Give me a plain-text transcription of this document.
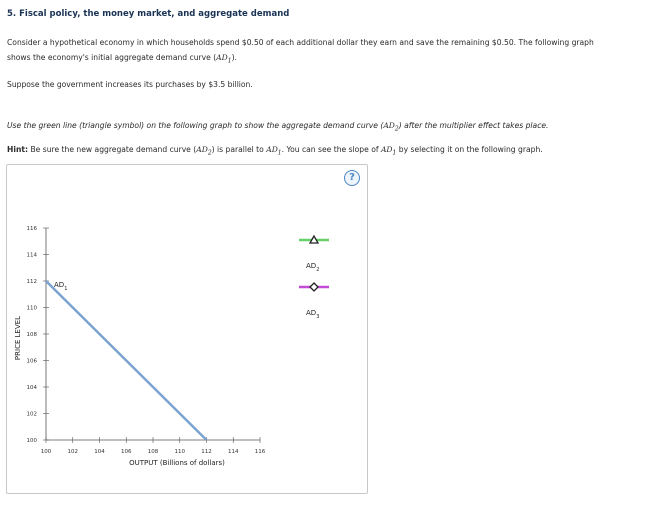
5. Fiscal policy, the money market, and aggregate demand
Consider a hypothetical economy in which households spend $0.50 of each additional dollar they earn and save the remaining $0.50. The following graph shows the economy's initial aggregate demand curve $(AD_1)$.
Suppose the government increases its purchases by $3.5 billion.
Use the green line (triangle symbol) on the following graph to show the aggregate demand curve $(AD_2)$ after the multiplier effect takes place.
Hint: Be sure the new aggregate demand curve $(AD_2)$ is parallel to $AD_1$. You can see the slope of $AD_1$ by selecting it on the following graph.
?
100	102	104	106	108	110	112	114	116
100
102
104
106
108
110
112
114
116
$AD_1$
$AD_2$
$AD_3$
OUTPUT (Billions of dollars)
PRICE LEVEL
